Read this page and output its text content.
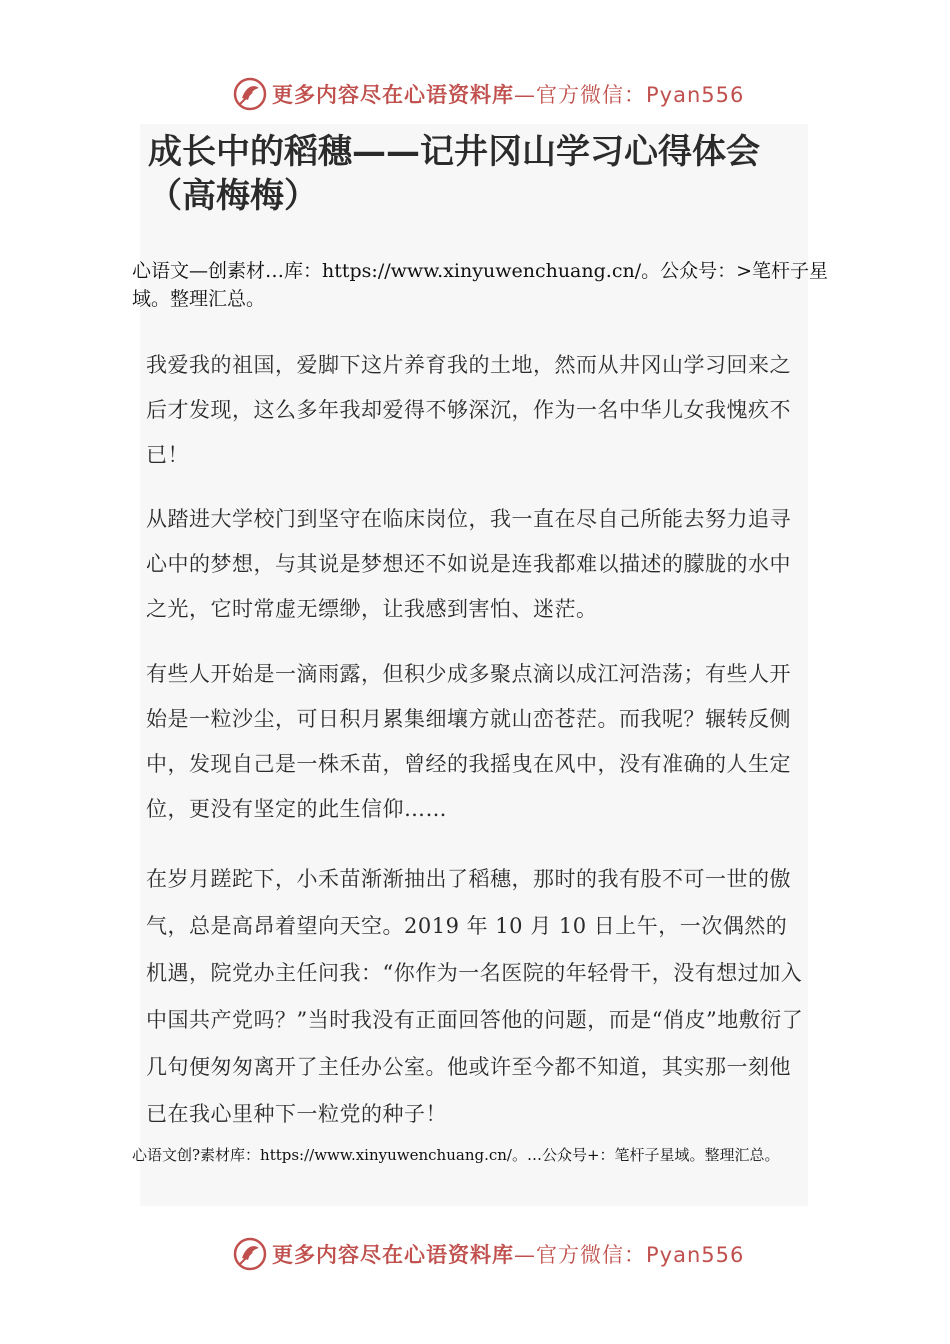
更多内容尽在心语资料库 —官方微信：Pyan556
成长中的稻穗——记井冈山学习心得体会（高梅梅）
心语文—创素材…库：https://www.xinyuwenchuang.cn/。公众号：>笔杆子星域。整理汇总。

我爱我的祖国，爱脚下这片养育我的土地，然而从井冈山学习回来之后才发现，这么多年我却爱得不够深沉，作为一名中华儿女我愧疚不已！

从踏进大学校门到坚守在临床岗位，我一直在尽自己所能去努力追寻心中的梦想，与其说是梦想还不如说是连我都难以描述的朦胧的水中之光，它时常虚无缥缈，让我感到害怕、迷茫。

有些人开始是一滴雨露，但积少成多聚点滴以成江河浩荡；有些人开始是一粒沙尘，可日积月累集细壤方就山峦苍茫。而我呢？辗转反侧中，发现自己是一株禾苗，曾经的我摇曳在风中，没有准确的人生定位，更没有坚定的此生信仰……

在岁月蹉跎下，小禾苗渐渐抽出了稻穗，那时的我有股不可一世的傲气，总是高昂着望向天空。2019 年 10 月 10 日上午，一次偶然的机遇，院党办主任问我：“你作为一名医院的年轻骨干，没有想过加入中国共产党吗？”当时我没有正面回答他的问题，而是“俏皮”地敷衍了几句便匆匆离开了主任办公室。他或许至今都不知道，其实那一刻他已在我心里种下一粒党的种子！

心语文创?素材库：https://www.xinyuwenchuang.cn/。…公众号+：笔杆子星域。整理汇总。
更多内容尽在心语资料库 —官方微信：Pyan556
